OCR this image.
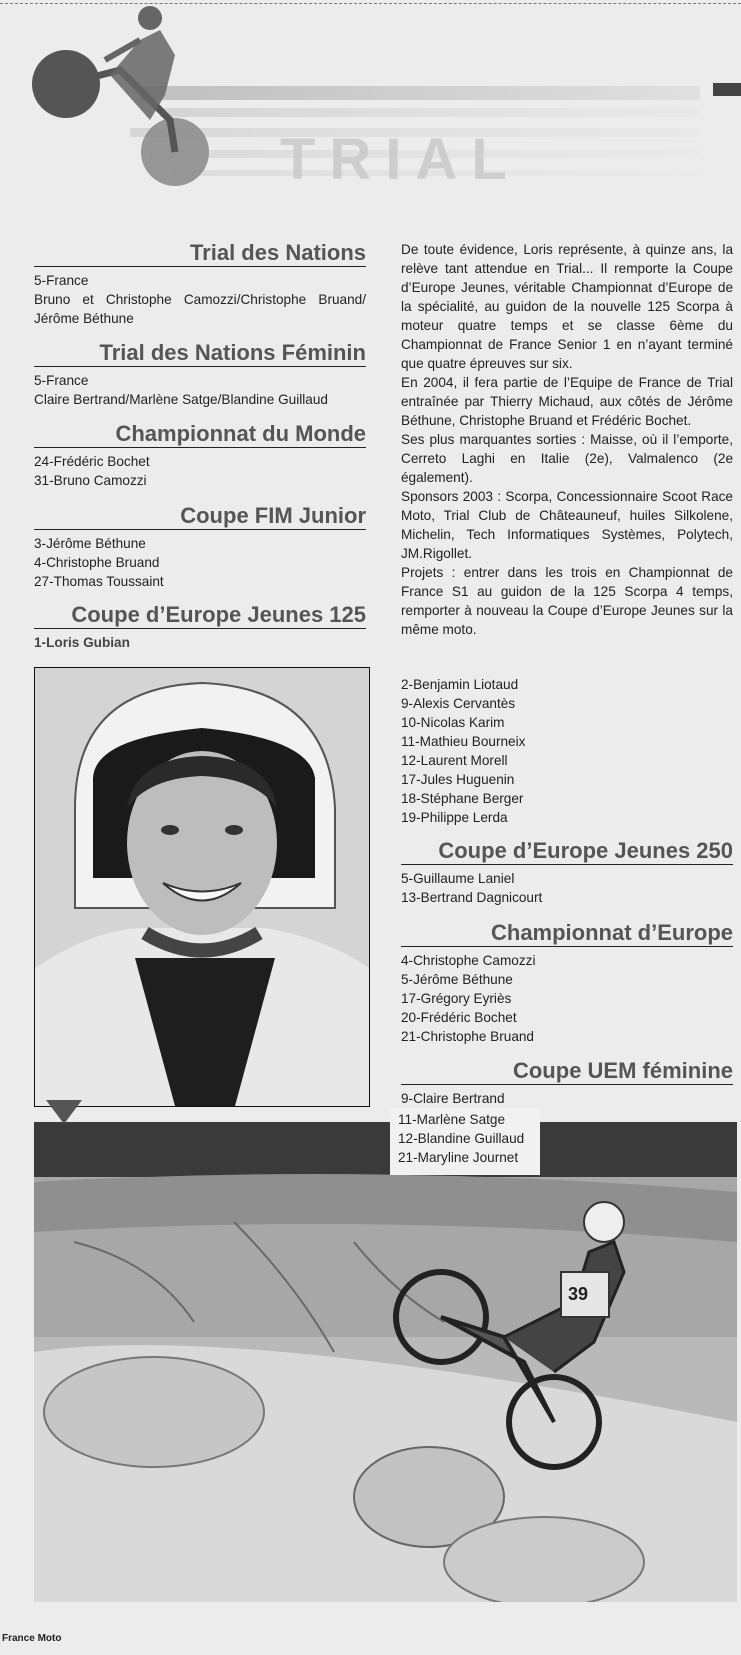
TRIAL
Trial des Nations
5-France
Bruno et Christophe Camozzi/Christophe Bruand/
Jérôme Béthune
Trial des Nations Féminin
5-France
Claire Bertrand/Marlène Satge/Blandine Guillaud
Championnat du Monde
24-Frédéric Bochet
31-Bruno Camozzi
Coupe FIM Junior
3-Jérôme Béthune
4-Christophe Bruand
27-Thomas Toussaint
Coupe d’Europe Jeunes 125
1-Loris Gubian

De toute évidence, Loris représente, à quinze ans, la relève tant attendue en Trial... Il remporte la Coupe d’Europe Jeunes, véritable Championnat d’Europe de la spécialité, au guidon de la nouvelle 125 Scorpa à moteur quatre temps et se classe 6ème du Championnat de France Senior 1 en n’ayant terminé que quatre épreuves sur six.

En 2004, il fera partie de l’Equipe de France de Trial entraînée par Thierry Michaud, aux côtés de Jérôme Béthune, Christophe Bruand et Frédéric Bochet.

Ses plus marquantes sorties : Maisse, où il l’emporte, Cerreto Laghi en Italie (2e), Valmalenco (2e également).

Sponsors 2003 : Scorpa, Concessionnaire Scoot Race Moto, Trial Club de Châteauneuf, huiles Silkolene, Michelin, Tech Informatiques Systèmes, Polytech, JM.Rigollet.

Projets : entrer dans les trois en Championnat de France S1 au guidon de la 125 Scorpa 4 temps, remporter à nouveau la Coupe d’Europe Jeunes sur la même moto.

2-Benjamin Liotaud
9-Alexis Cervantès
10-Nicolas Karim
11-Mathieu Bourneix
12-Laurent Morell
17-Jules Huguenin
18-Stéphane Berger
19-Philippe Lerda
Coupe d’Europe Jeunes 250
5-Guillaume Laniel
13-Bertrand Dagnicourt
Championnat d’Europe
4-Christophe Camozzi
5-Jérôme Béthune
17-Grégory Eyriès
20-Frédéric Bochet
21-Christophe Bruand
Coupe UEM féminine
9-Claire Bertrand
39
11-Marlène Satge
12-Blandine Guillaud
21-Maryline Journet
France Moto
